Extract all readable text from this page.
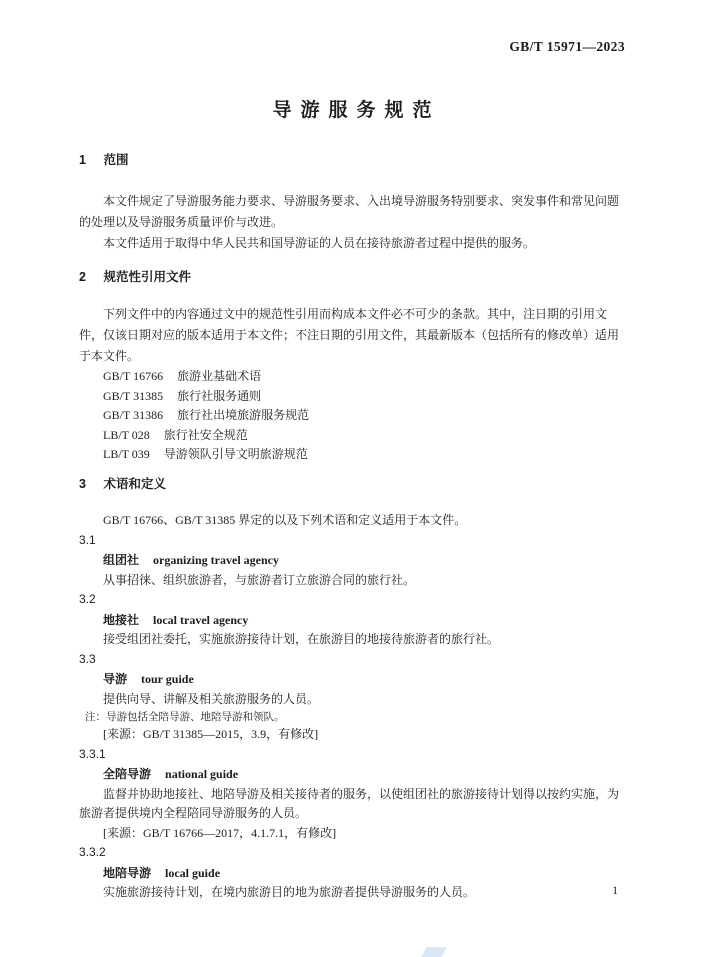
GB/T 15971—2023
导游服务规范
1 范围

本文件规定了导游服务能力要求、导游服务要求、入出境导游服务特别要求、突发事件和常见问题的处理以及导游服务质量评价与改进。

本文件适用于取得中华人民共和国导游证的人员在接待旅游者过程中提供的服务。

2 规范性引用文件

下列文件中的内容通过文中的规范性引用而构成本文件必不可少的条款。其中，注日期的引用文件，仅该日期对应的版本适用于本文件；不注日期的引用文件，其最新版本（包括所有的修改单）适用于本文件。

GB/T 16766 旅游业基础术语
GB/T 31385 旅行社服务通则
GB/T 31386 旅行社出境旅游服务规范
LB/T 028 旅行社安全规范
LB/T 039 导游领队引导文明旅游规范
3 术语和定义

GB/T 16766、GB/T 31385 界定的以及下列术语和定义适用于本文件。

3.1
组团社 organizing travel agency

从事招徕、组织旅游者，与旅游者订立旅游合同的旅行社。

3.2
地接社 local travel agency

接受组团社委托，实施旅游接待计划，在旅游目的地接待旅游者的旅行社。

3.3
导游 tour guide

提供向导、讲解及相关旅游服务的人员。

注：导游包括全陪导游、地陪导游和领队。
[来源：GB/T 31385—2015，3.9，有修改]
3.3.1
全陪导游 national guide

监督并协助地接社、地陪导游及相关接待者的服务，以使组团社的旅游接待计划得以按约实施，为旅游者提供境内全程陪同导游服务的人员。

[来源：GB/T 16766—2017，4.1.7.1，有修改]
3.3.2
地陪导游 local guide

实施旅游接待计划，在境内旅游目的地为旅游者提供导游服务的人员。	1
